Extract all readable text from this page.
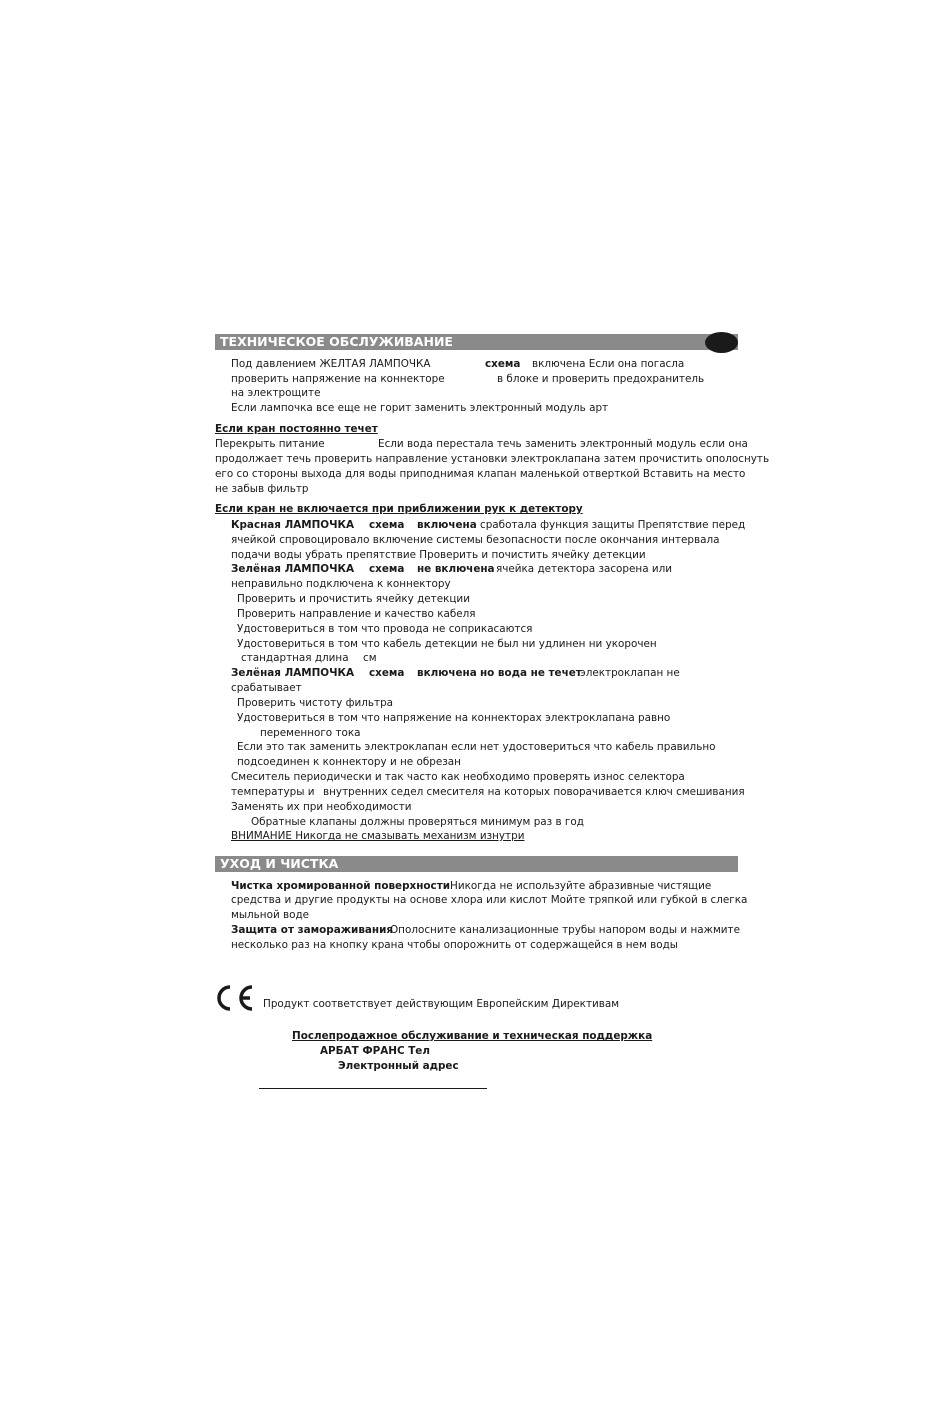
ТЕХНИЧЕСКОЕ ОБСЛУЖИВАНИЕ
Под давлением ЖЕЛТАЯ ЛАМПОЧКА	схема включена Если она погасла
проверить напряжение на коннекторе	в блоке и проверить предохранитель
на электрощите
Если лампочка все еще не горит заменить электронный модуль арт
Если кран постоянно течет
Перекрыть питание	Если вода перестала течь заменить электронный модуль если она
продолжает течь проверить направление установки электроклапана затем прочистить ополоснуть
его со стороны выхода для воды приподнимая клапан маленькой отверткой Вставить на место
не забыв фильтр
Если кран не включается при приближении рук к детектору
Красная ЛАМПОЧКА схема включена сработала функция защиты Препятствие перед
ячейкой спровоцировало включение системы безопасности после окончания интервала
подачи воды убрать препятствие Проверить и почистить ячейку детекции
Зелёная ЛАМПОЧКА схема не включена ячейка детектора засорена или
неправильно подключена к коннектору
Проверить и прочистить ячейку детекции
Проверить направление и качество кабеля
Удостовериться в том что провода не соприкасаются
Удостовериться в том что кабель детекции не был ни удлинен ни укорочен
стандартная длина см
Зелёная ЛАМПОЧКА схема включена но вода не течет
электроклапан не
срабатывает
Проверить чистоту фильтра
Удостовериться в том что напряжение на коннекторах электроклапана равно
переменного тока
Если это так заменить электроклапан если нет удостовериться что кабель правильно
подсоединен к коннектору и не обрезан
Смеситель периодически и так часто как необходимо проверять износ селектора
температуры и внутренних седел смесителя на которых поворачивается ключ смешивания
Заменять их при необходимости
Обратные клапаны должны проверяться минимум раз в год
ВНИМАНИЕ Никогда не смазывать механизм изнутри
УХОД И ЧИСТКА
Чистка хромированной поверхности Никогда не используйте абразивные чистящие
средства и другие продукты на основе хлора или кислот Мойте тряпкой или губкой в слегка
мыльной воде
Защита от замораживания
Ополосните канализационные трубы напором воды и нажмите
несколько раз на кнопку крана чтобы опорожнить от содержащейся в нем воды
Продукт соответствует действующим Европейским Директивам
Послепродажное обслуживание и техническая поддержка
АРБАТ ФРАНС Тел
Электронный адрес
